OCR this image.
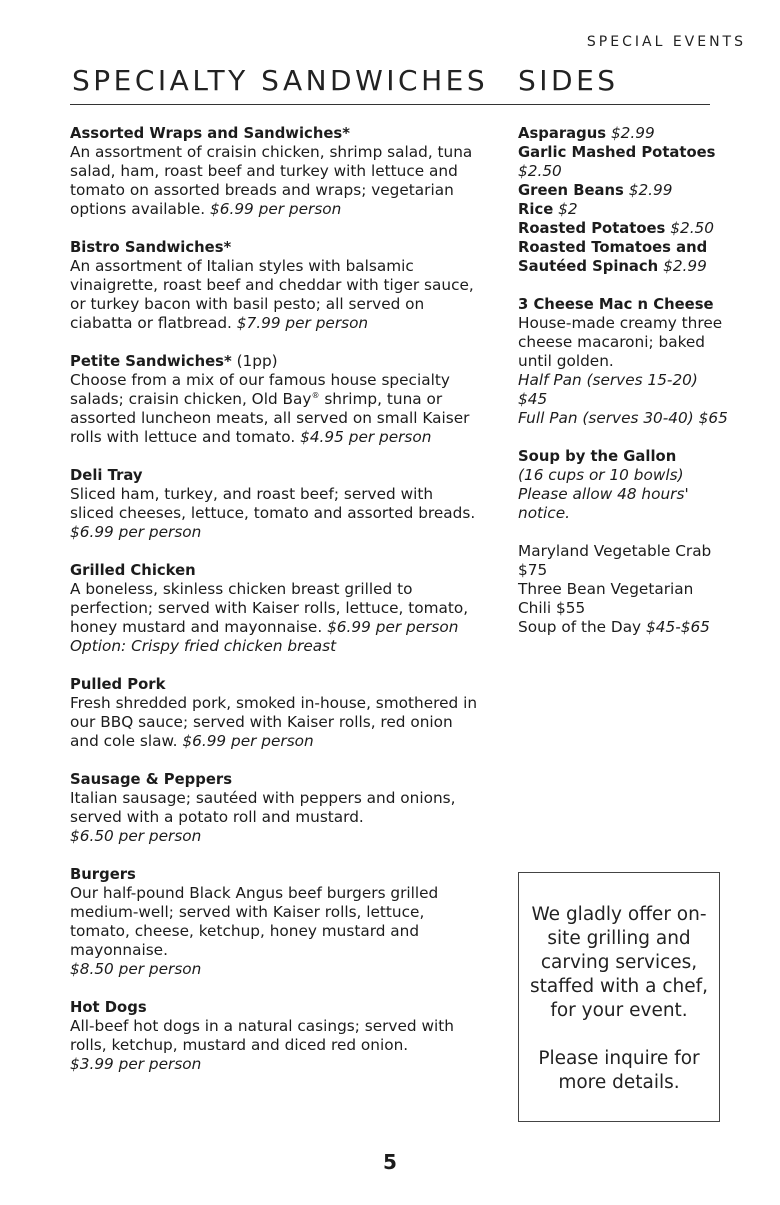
SPECIAL EVENTS
SPECIALTY SANDWICHES SIDES
Assorted Wraps and Sandwiches*
An assortment of craisin chicken, shrimp salad, tuna salad, ham, roast beef and turkey with lettuce and tomato on assorted breads and wraps; vegetarian options available. $6.99 per person
Bistro Sandwiches*
An assortment of Italian styles with balsamic vinaigrette, roast beef and cheddar with tiger sauce, or turkey bacon with basil pesto; all served on ciabatta or flatbread. $7.99 per person
Petite Sandwiches* (1pp)
Choose from a mix of our famous house specialty salads; craisin chicken, Old Bay® shrimp, tuna or assorted luncheon meats, all served on small Kaiser rolls with lettuce and tomato. $4.95 per person
Deli Tray
Sliced ham, turkey, and roast beef; served with sliced cheeses, lettuce, tomato and assorted breads.
$6.99 per person
Grilled Chicken
A boneless, skinless chicken breast grilled to perfection; served with Kaiser rolls, lettuce, tomato, honey mustard and mayonnaise. $6.99 per person
Option: Crispy fried chicken breast
Pulled Pork
Fresh shredded pork, smoked in-house, smothered in our BBQ sauce; served with Kaiser rolls, red onion and cole slaw. $6.99 per person
Sausage & Peppers
Italian sausage; sautéed with peppers and onions, served with a potato roll and mustard.
$6.50 per person
Burgers
Our half-pound Black Angus beef burgers grilled medium-well; served with Kaiser rolls, lettuce, tomato, cheese, ketchup, honey mustard and mayonnaise.
$8.50 per person
Hot Dogs
All-beef hot dogs in a natural casings; served with rolls, ketchup, mustard and diced red onion.
$3.99 per person
Asparagus $2.99
Garlic Mashed Potatoes $2.50
Green Beans $2.99
Rice $2
Roasted Potatoes $2.50
Roasted Tomatoes and Sautéed Spinach $2.99
3 Cheese Mac n Cheese
House-made creamy three cheese macaroni; baked until golden.
Half Pan (serves 15-20) $45
Full Pan (serves 30-40) $65
Soup by the Gallon
(16 cups or 10 bowls) Please allow 48 hours' notice.
Maryland Vegetable Crab $75
Three Bean Vegetarian Chili $55
Soup of the Day $45-$65

We gladly offer on-site grilling and carving services, staffed with a chef, for your event.

Please inquire for more details.

5
